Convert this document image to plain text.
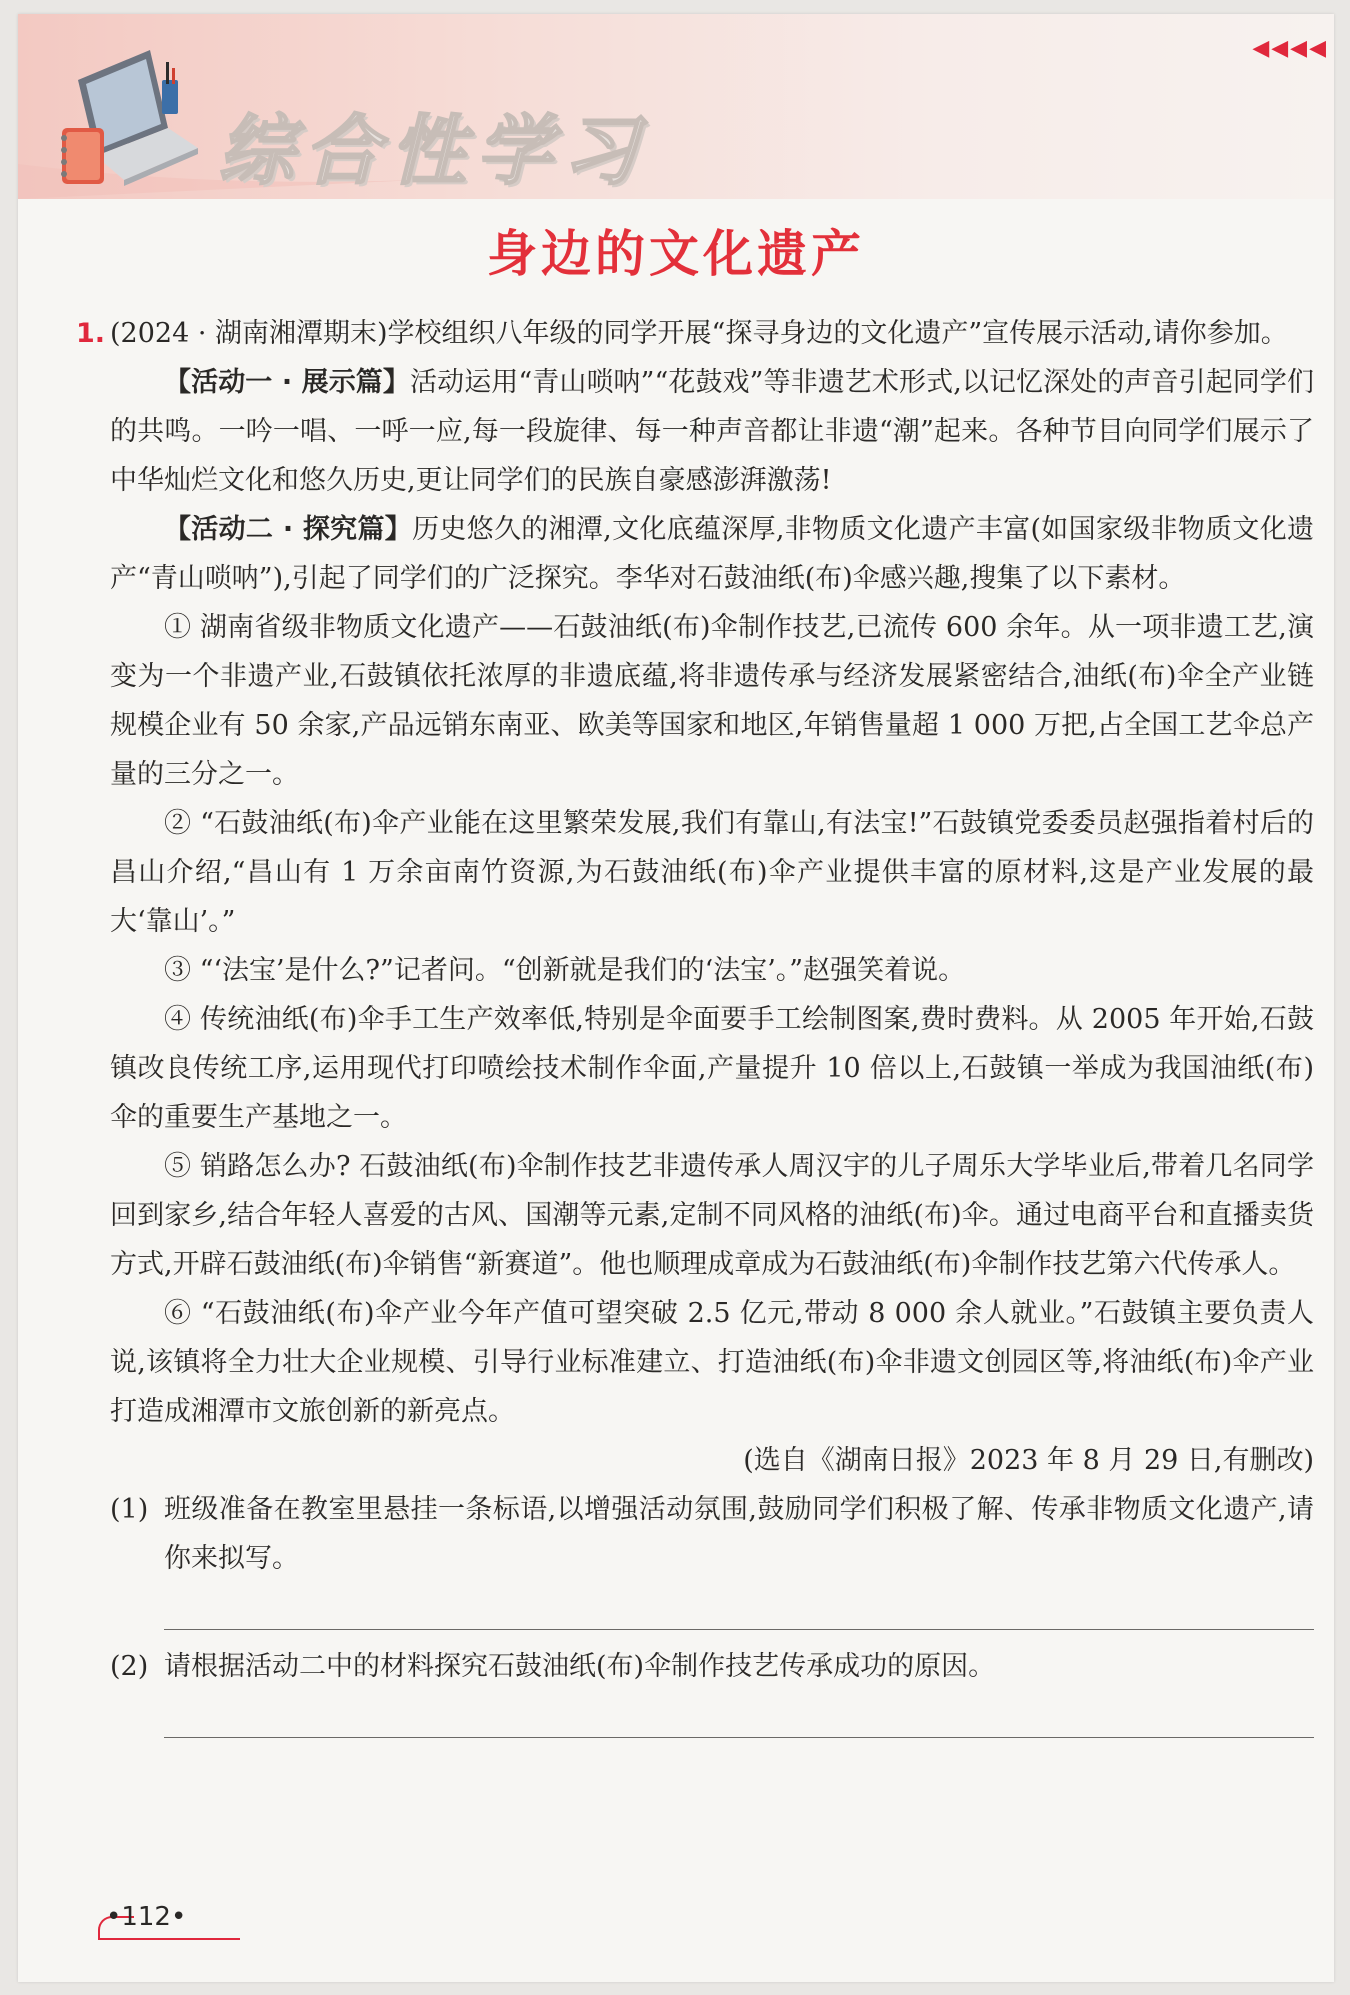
综合性学习
◀◀◀◀
身边的文化遗产

1. (2024 · 湖南湘潭期末)学校组织八年级的同学开展“探寻身边的文化遗产”宣传展示活动,请你参加。

【活动一 · 展示篇】活动运用“青山唢呐”“花鼓戏”等非遗艺术形式,以记忆深处的声音引起同学们的共鸣。一吟一唱、一呼一应,每一段旋律、每一种声音都让非遗“潮”起来。各种节目向同学们展示了中华灿烂文化和悠久历史,更让同学们的民族自豪感澎湃激荡!

【活动二 · 探究篇】历史悠久的湘潭,文化底蕴深厚,非物质文化遗产丰富(如国家级非物质文化遗产“青山唢呐”),引起了同学们的广泛探究。李华对石鼓油纸(布)伞感兴趣,搜集了以下素材。

① 湖南省级非物质文化遗产——石鼓油纸(布)伞制作技艺,已流传 600 余年。从一项非遗工艺,演变为一个非遗产业,石鼓镇依托浓厚的非遗底蕴,将非遗传承与经济发展紧密结合,油纸(布)伞全产业链规模企业有 50 余家,产品远销东南亚、欧美等国家和地区,年销售量超 1 000 万把,占全国工艺伞总产量的三分之一。

② “石鼓油纸(布)伞产业能在这里繁荣发展,我们有靠山,有法宝!”石鼓镇党委委员赵强指着村后的昌山介绍,“昌山有 1 万余亩南竹资源,为石鼓油纸(布)伞产业提供丰富的原材料,这是产业发展的最大‘靠山’。”

③ “‘法宝’是什么?”记者问。“创新就是我们的‘法宝’。”赵强笑着说。

④ 传统油纸(布)伞手工生产效率低,特别是伞面要手工绘制图案,费时费料。从 2005 年开始,石鼓镇改良传统工序,运用现代打印喷绘技术制作伞面,产量提升 10 倍以上,石鼓镇一举成为我国油纸(布)伞的重要生产基地之一。

⑤ 销路怎么办? 石鼓油纸(布)伞制作技艺非遗传承人周汉宇的儿子周乐大学毕业后,带着几名同学回到家乡,结合年轻人喜爱的古风、国潮等元素,定制不同风格的油纸(布)伞。通过电商平台和直播卖货方式,开辟石鼓油纸(布)伞销售“新赛道”。他也顺理成章成为石鼓油纸(布)伞制作技艺第六代传承人。

⑥ “石鼓油纸(布)伞产业今年产值可望突破 2.5 亿元,带动 8 000 余人就业。”石鼓镇主要负责人说,该镇将全力壮大企业规模、引导行业标准建立、打造油纸(布)伞非遗文创园区等,将油纸(布)伞产业打造成湘潭市文旅创新的新亮点。

(选自《湖南日报》2023 年 8 月 29 日,有删改)

(1) 班级准备在教室里悬挂一条标语,以增强活动氛围,鼓励同学们积极了解、传承非物质文化遗产,请你来拟写。

(2) 请根据活动二中的材料探究石鼓油纸(布)伞制作技艺传承成功的原因。

•112•
